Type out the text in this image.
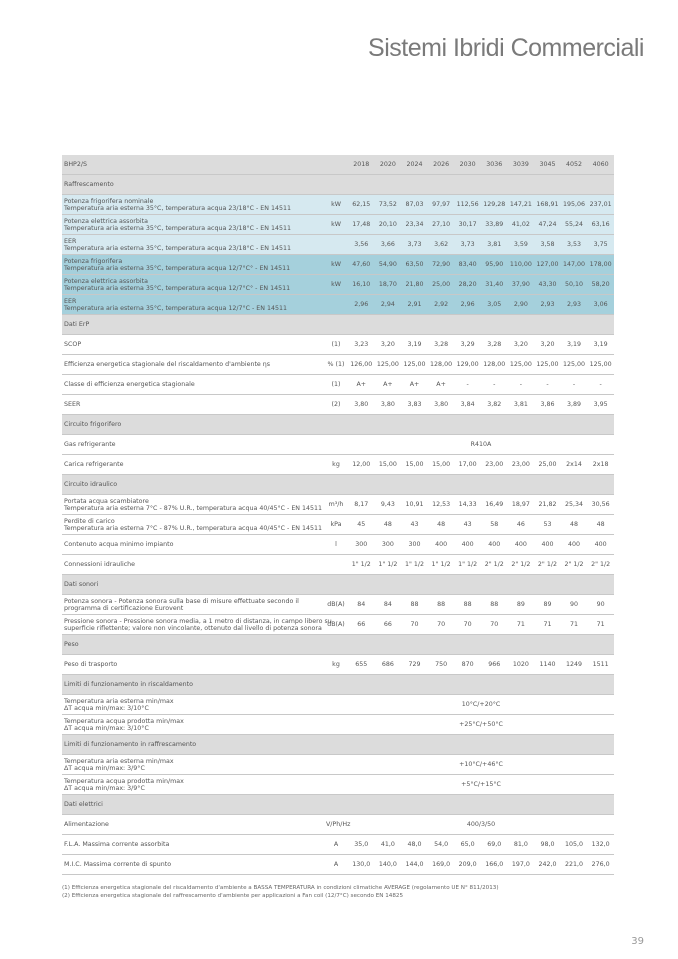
Sistemi Ibridi Commerciali
BHP2/S		2018	2020	2024	2026	2030	3036	3039	3045	4052	4060
Raffrescamento											

Potenza frigorifera nominale
Temperatura aria esterna 35°C, temperatura acqua 23/18°C - EN 14511	kW	62,15	73,52	87,03	97,97	112,56	129,28	147,21	168,91	195,06	237,01

Potenza elettrica assorbita
Temperatura aria esterna 35°C, temperatura acqua 23/18°C - EN 14511	kW	17,48	20,10	23,34	27,10	30,17	33,89	41,02	47,24	55,24	63,16

EER
Temperatura aria esterna 35°C, temperatura acqua 23/18°C - EN 14511		3,56	3,66	3,73	3,62	3,73	3,81	3,59	3,58	3,53	3,75

Potenza frigorifera
Temperatura aria esterna 35°C, temperatura acqua 12/7°C° - EN 14511	kW	47,60	54,90	63,50	72,90	83,40	95,90	110,00	127,00	147,00	178,00

Potenza elettrica assorbita
Temperatura aria esterna 35°C, temperatura acqua 12/7°C° - EN 14511	kW	16,10	18,70	21,80	25,00	28,20	31,40	37,90	43,30	50,10	58,20

EER
Temperatura aria esterna 35°C, temperatura acqua 12/7°C - EN 14511		2,96	2,94	2,91	2,92	2,96	3,05	2,90	2,93	2,93	3,06
Dati ErP											

SCOP	(1)	3,23	3,20	3,19	3,28	3,29	3,28	3,20	3,20	3,19	3,19

Efficienza energetica stagionale del riscaldamento d'ambiente ηs	% (1)	126,00	125,00	125,00	128,00	129,00	128,00	125,00	125,00	125,00	125,00

Classe di efficienza energetica stagionale	(1)	A+	A+	A+	A+	-	-	-	-	-	-

SEER	(2)	3,80	3,80	3,83	3,80	3,84	3,82	3,81	3,86	3,89	3,95
Circuito frigorifero											

Gas refrigerante		R410A									

Carica refrigerante	kg	12,00	15,00	15,00	15,00	17,00	23,00	23,00	25,00	2x14	2x18
Circuito idraulico											

Portata acqua scambiatore
Temperatura aria esterna 7°C - 87% U.R., temperatura acqua 40/45°C - EN 14511	m³/h	8,17	9,43	10,91	12,53	14,33	16,49	18,97	21,82	25,34	30,56

Perdite di carico
Temperatura aria esterna 7°C - 87% U.R., temperatura acqua 40/45°C - EN 14511	kPa	45	48	43	48	43	58	46	53	48	48

Contenuto acqua minimo impianto	l	300	300	300	400	400	400	400	400	400	400

Connessioni idrauliche		1" 1/2	1" 1/2	1" 1/2	1" 1/2	1" 1/2	2" 1/2	2" 1/2	2" 1/2	2" 1/2	2" 1/2
Dati sonori											

Potenza sonora - Potenza sonora sulla base di misure effettuate secondo il
programma di certificazione Eurovent	dB(A)	84	84	88	88	88	88	89	89	90	90

Pressione sonora - Pressione sonora media, a 1 metro di distanza, in campo libero su
superficie riflettente; valore non vincolante, ottenuto dal livello di potenza sonora	dB(A)	66	66	70	70	70	70	71	71	71	71
Peso											

Peso di trasporto	kg	655	686	729	750	870	966	1020	1140	1249	1511
Limiti di funzionamento in riscaldamento											

Temperatura aria esterna min/max
ΔT acqua min/max: 3/10°C		10°C/+20°C									

Temperatura acqua prodotta min/max
ΔT acqua min/max: 3/10°C		+25°C/+50°C									
Limiti di funzionamento in raffrescamento											

Temperatura aria esterna min/max
ΔT acqua min/max: 3/9°C		+10°C/+46°C									

Temperatura acqua prodotta min/max
ΔT acqua min/max: 3/9°C		+5°C/+15°C									
Dati elettrici											

Alimentazione	V/Ph/Hz	400/3/50									

F.L.A. Massima corrente assorbita	A	35,0	41,0	48,0	54,0	65,0	69,0	81,0	98,0	105,0	132,0

M.I.C. Massima corrente di spunto	A	130,0	140,0	144,0	169,0	209,0	166,0	197,0	242,0	221,0	276,0
(1) Efficienza energetica stagionale del riscaldamento d'ambiente a BASSA TEMPERATURA in condizioni climatiche AVERAGE (regolamento UE N° 811/2013)
(2) Efficienza energetica stagionale del raffrescamento d'ambiente per applicazioni a Fan coil (12/7°C) secondo EN 14825
39
